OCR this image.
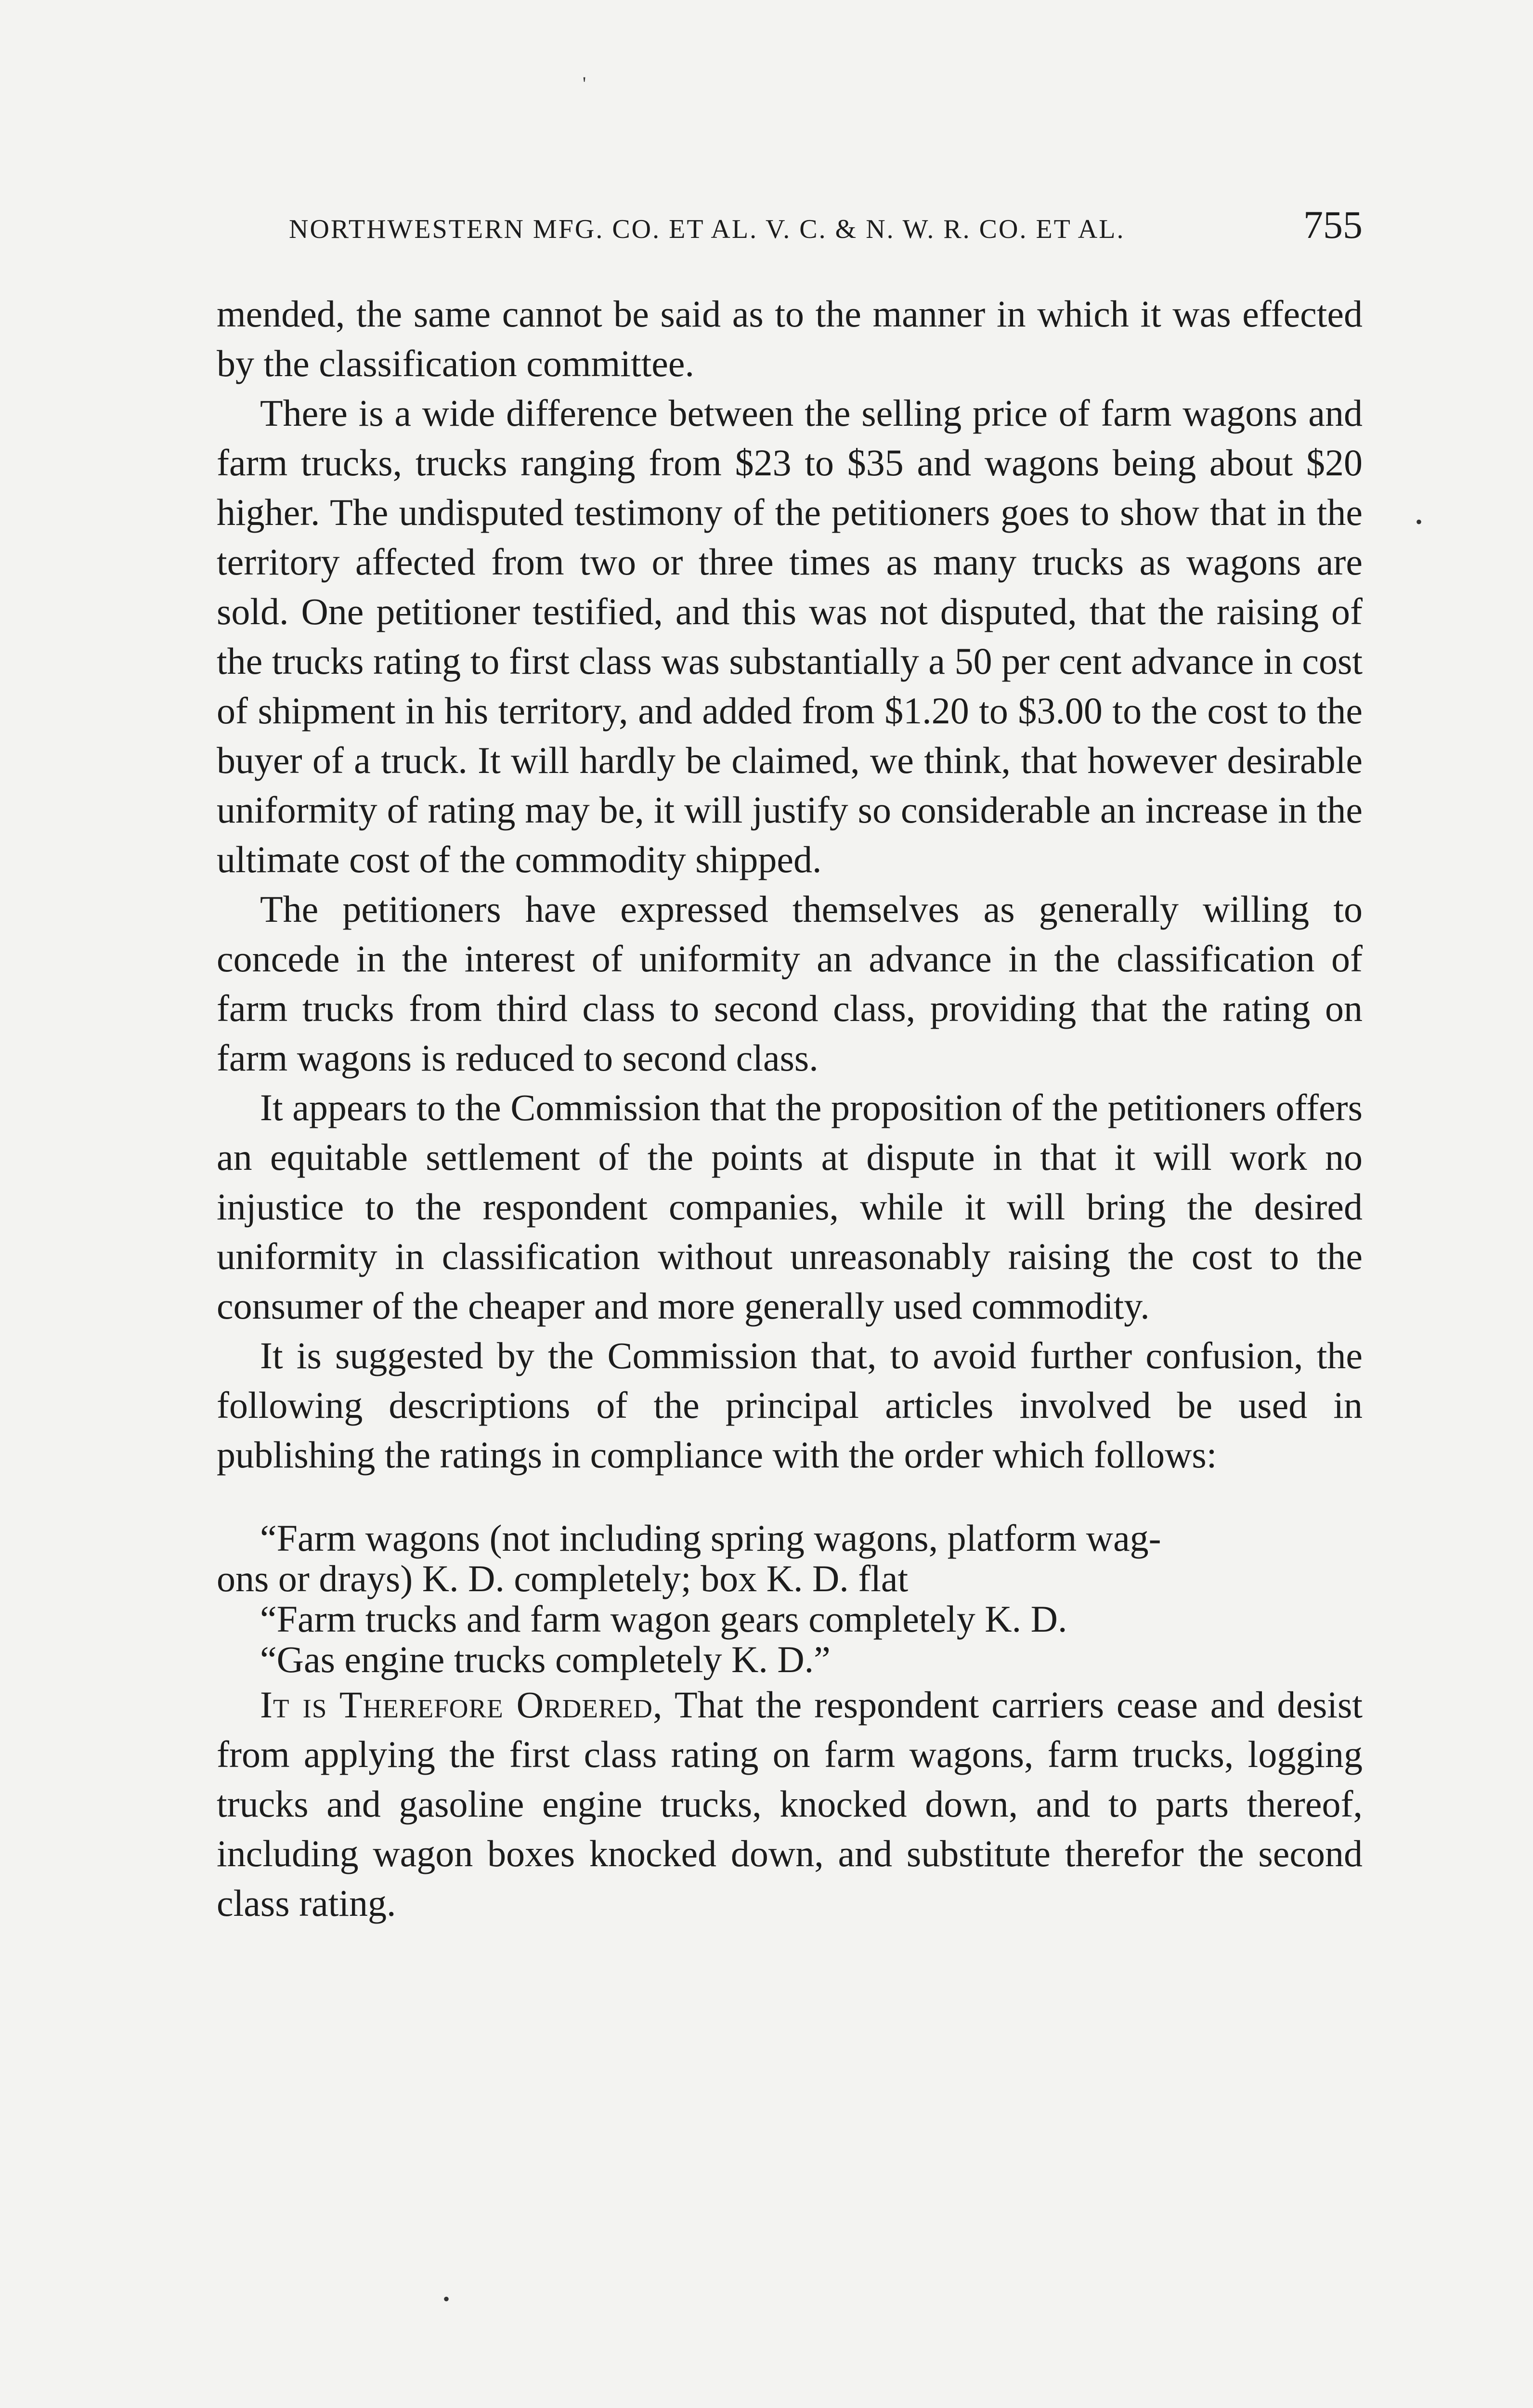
NORTHWESTERN MFG. CO. ET AL. V. C. & N. W. R. CO. ET AL.	755

mended, the same cannot be said as to the manner in which it was effected by the classification committee.

There is a wide difference between the selling price of farm wagons and farm trucks, trucks ranging from $23 to $35 and wagons being about $20 higher. The undisputed testimony of the petitioners goes to show that in the territory affected from two or three times as many trucks as wagons are sold. One petitioner testified, and this was not disputed, that the raising of the trucks rating to first class was substantially a 50 per cent advance in cost of shipment in his territory, and added from $1.20 to $3.00 to the cost to the buyer of a truck. It will hardly be claimed, we think, that however desirable uniformity of rating may be, it will justify so considerable an increase in the ultimate cost of the commodity shipped.

The petitioners have expressed themselves as generally willing to concede in the interest of uniformity an advance in the classification of farm trucks from third class to second class, providing that the rating on farm wagons is reduced to second class.

It appears to the Commission that the proposition of the petitioners offers an equitable settlement of the points at dispute in that it will work no injustice to the respondent companies, while it will bring the desired uniformity in classification without unreasonably raising the cost to the consumer of the cheaper and more generally used commodity.

It is suggested by the Commission that, to avoid further confusion, the following descriptions of the principal articles involved be used in publishing the ratings in compliance with the order which follows:

“Farm wagons (not including spring wagons, platform wag-
ons or drays) K. D. completely; box K. D. flat
“Farm trucks and farm wagon gears completely K. D.
“Gas engine trucks completely K. D.”

It is Therefore Ordered, That the respondent carriers cease and desist from applying the first class rating on farm wagons, farm trucks, logging trucks and gasoline engine trucks, knocked down, and to parts thereof, including wagon boxes knocked down, and substitute therefor the second class rating.

'
•
•
